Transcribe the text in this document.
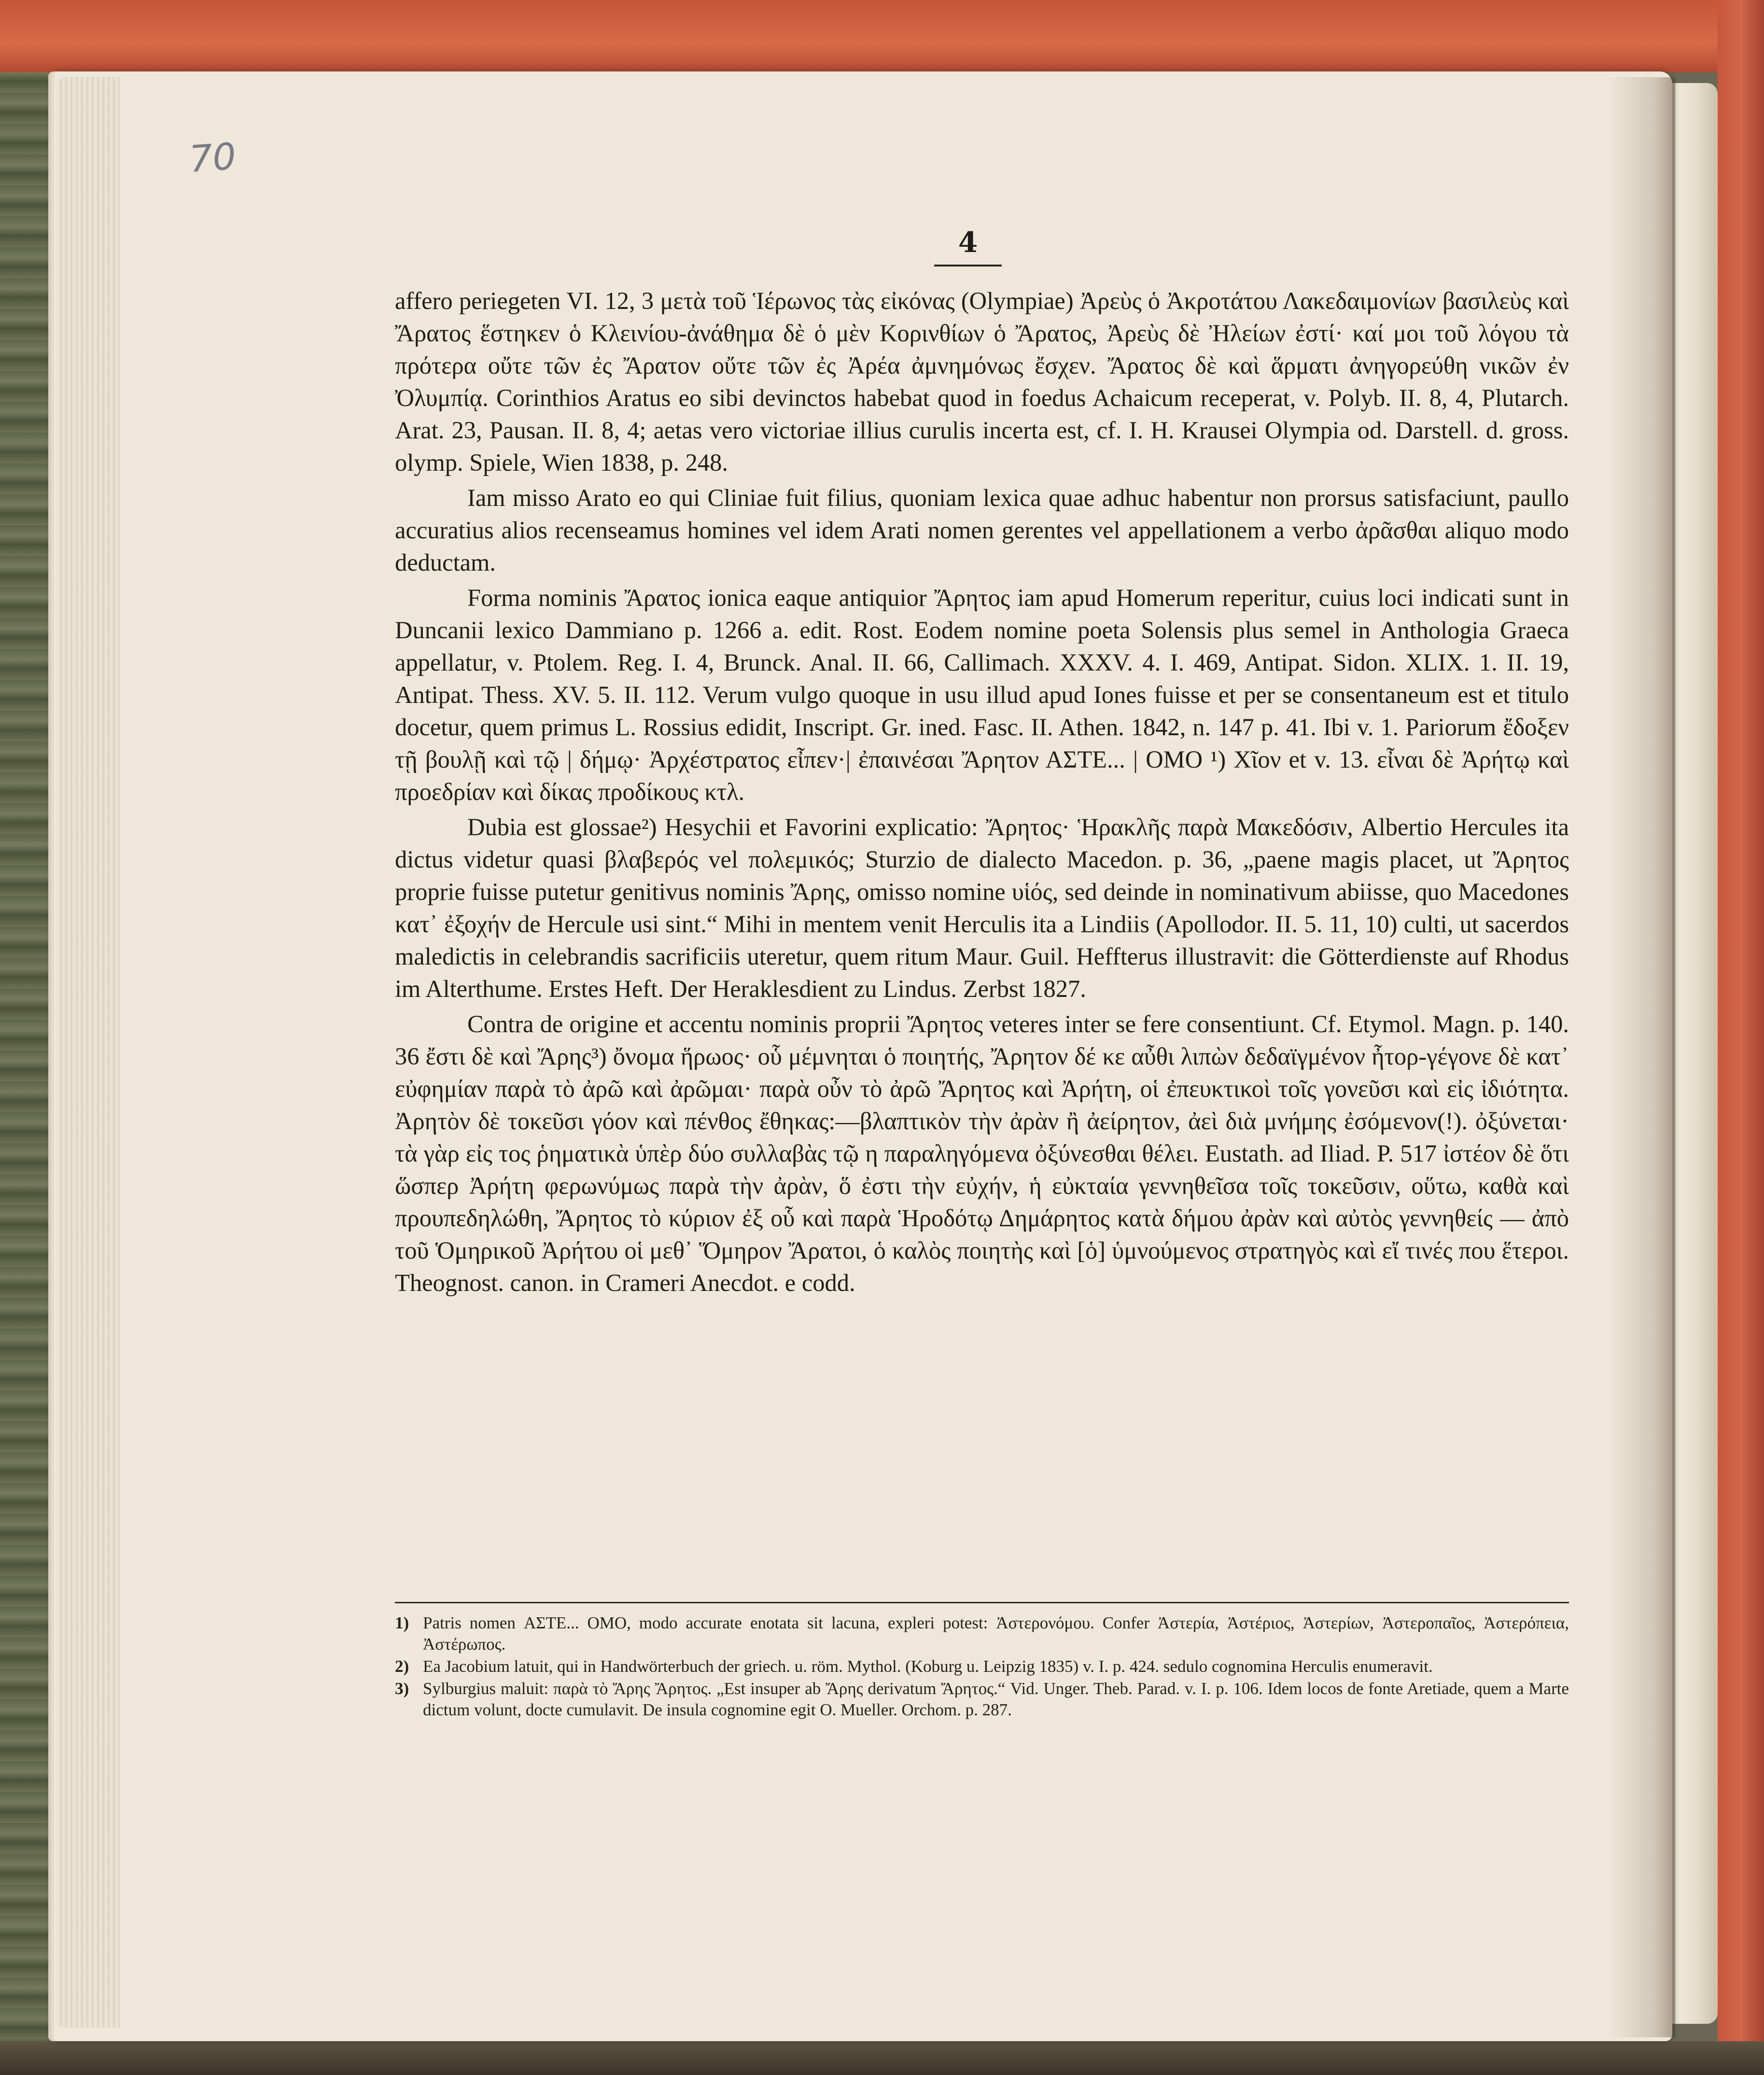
70
4

affero periegeten VI. 12, 3 μετὰ τοῦ Ἱέρωνος τὰς εἰκόνας (Olympiae) Ἀρεὺς ὁ Ἀκροτάτου Λακεδαιμονίων βασιλεὺς καὶ Ἄρατος ἕστηκεν ὁ Κλεινίου-ἀνάθημα δὲ ὁ μὲν Κορινθίων ὁ Ἄρατος, Ἀρεὺς δὲ Ἠλείων ἐστί· καί μοι τοῦ λόγου τὰ πρότερα οὔτε τῶν ἐς Ἄρατον οὔτε τῶν ἐς Ἀρέα ἀμνημόνως ἔσχεν. Ἄρατος δὲ καὶ ἅρματι ἀνηγορεύθη νικῶν ἐν Ὀλυμπίᾳ. Corinthios Aratus eo sibi devinctos habebat quod in foedus Achaicum receperat, v. Polyb. II. 8, 4, Plutarch. Arat. 23, Pausan. II. 8, 4; aetas vero victoriae illius curulis incerta est, cf. I. H. Krausei Olympia od. Darstell. d. gross. olymp. Spiele, Wien 1838, p. 248.

Iam misso Arato eo qui Cliniae fuit filius, quoniam lexica quae adhuc habentur non prorsus satisfaciunt, paullo accuratius alios recenseamus homines vel idem Arati nomen gerentes vel appellationem a verbo ἀρᾶσθαι aliquo modo deductam.

Forma nominis Ἄρατος ionica eaque antiquior Ἄρητος iam apud Homerum reperitur, cuius loci indicati sunt in Duncanii lexico Dammiano p. 1266 a. edit. Rost. Eodem nomine poeta Solensis plus semel in Anthologia Graeca appellatur, v. Ptolem. Reg. I. 4, Brunck. Anal. II. 66, Callimach. XXXV. 4. I. 469, Antipat. Sidon. XLIX. 1. II. 19, Antipat. Thess. XV. 5. II. 112. Verum vulgo quoque in usu illud apud Iones fuisse et per se consentaneum est et titulo docetur, quem primus L. Rossius edidit, Inscript. Gr. ined. Fasc. II. Athen. 1842, n. 147 p. 41. Ibi v. 1. Pariorum ἔδοξεν τῇ βουλῇ καὶ τῷ | δήμῳ· Ἀρχέστρατος εἶπεν·| ἐπαινέσαι Ἄρητον ΑΣΤΕ... | ΟΜΟ ¹) Χῖον et v. 13. εἶναι δὲ Ἀρήτῳ καὶ προεδρίαν καὶ δίκας προδίκους κτλ.

Dubia est glossae²) Hesychii et Favorini explicatio: Ἄρητος· Ἡρακλῆς παρὰ Μακεδόσιν, Albertio Hercules ita dictus videtur quasi βλαβερός vel πολεμικός; Sturzio de dialecto Macedon. p. 36, „paene magis placet, ut Ἄρητος proprie fuisse putetur genitivus nominis Ἄρης, omisso nomine υἱός, sed deinde in nominativum abiisse, quo Macedones κατ᾽ ἐξοχήν de Hercule usi sint.“ Mihi in mentem venit Herculis ita a Lindiis (Apollodor. II. 5. 11, 10) culti, ut sacerdos maledictis in celebrandis sacrificiis uteretur, quem ritum Maur. Guil. Heffterus illustravit: die Götterdienste auf Rhodus im Alterthume. Erstes Heft. Der Heraklesdient zu Lindus. Zerbst 1827.

Contra de origine et accentu nominis proprii Ἄρητος veteres inter se fere consentiunt. Cf. Etymol. Magn. p. 140. 36 ἔστι δὲ καὶ Ἄρης³) ὄνομα ἥρωος· οὗ μέμνηται ὁ ποιητής, Ἄρητον δέ κε αὖθι λιπὼν δεδαϊγμένον ἦτορ-γέγονε δὲ κατ᾽ εὐφημίαν παρὰ τὸ ἀρῶ καὶ ἀρῶμαι· παρὰ οὖν τὸ ἀρῶ Ἄρητος καὶ Ἀρήτη, οἱ ἐπευκτικοὶ τοῖς γονεῦσι καὶ εἰς ἰδιότητα. Ἀρητὸν δὲ τοκεῦσι γόον καὶ πένθος ἔθηκας:—βλαπτικὸν τὴν ἀρὰν ἢ ἀείρητον, ἀεὶ διὰ μνήμης ἐσόμενον(!). ὀξύνεται· τὰ γὰρ εἰς τος ῥηματικὰ ὑπὲρ δύο συλλαβὰς τῷ η παραληγόμενα ὀξύνεσθαι θέλει. Eustath. ad Iliad. P. 517 ἰστέον δὲ ὅτι ὥσπερ Ἀρήτη φερωνύμως παρὰ τὴν ἀρὰν, ὅ ἐστι τὴν εὐχήν, ἡ εὐκταία γεννηθεῖσα τοῖς τοκεῦσιν, οὕτω, καθὰ καὶ προυπεδηλώθη, Ἄρητος τὸ κύριον ἐξ οὗ καὶ παρὰ Ἡροδότῳ Δημάρητος κατὰ δήμου ἀρὰν καὶ αὐτὸς γεννηθείς — ἀπὸ τοῦ Ὁμηρικοῦ Ἀρήτου οἱ μεθ᾽ Ὅμηρον Ἄρατοι, ὁ καλὸς ποιητὴς καὶ [ὁ] ὑμνούμενος στρατηγὸς καὶ εἴ τινές που ἕτεροι. Theognost. canon. in Crameri Anecdot. e codd.

1) Patris nomen ΑΣΤΕ... ΟΜΟ, modo accurate enotata sit lacuna, expleri potest: Ἀστερονόμου. Confer Ἀστερία, Ἀστέριος, Ἀστερίων, Ἀστεροπαῖος, Ἀστερόπεια, Ἀστέρωπος.
2) Ea Jacobium latuit, qui in Handwörterbuch der griech. u. röm. Mythol. (Koburg u. Leipzig 1835) v. I. p. 424. sedulo cognomina Herculis enumeravit.
3) Sylburgius maluit: παρὰ τὸ Ἄρης Ἄρητος. „Est insuper ab Ἄρης derivatum Ἄρητος.“ Vid. Unger. Theb. Parad. v. I. p. 106. Idem locos de fonte Aretiade, quem a Marte dictum volunt, docte cumulavit. De insula cognomine egit O. Mueller. Orchom. p. 287.
